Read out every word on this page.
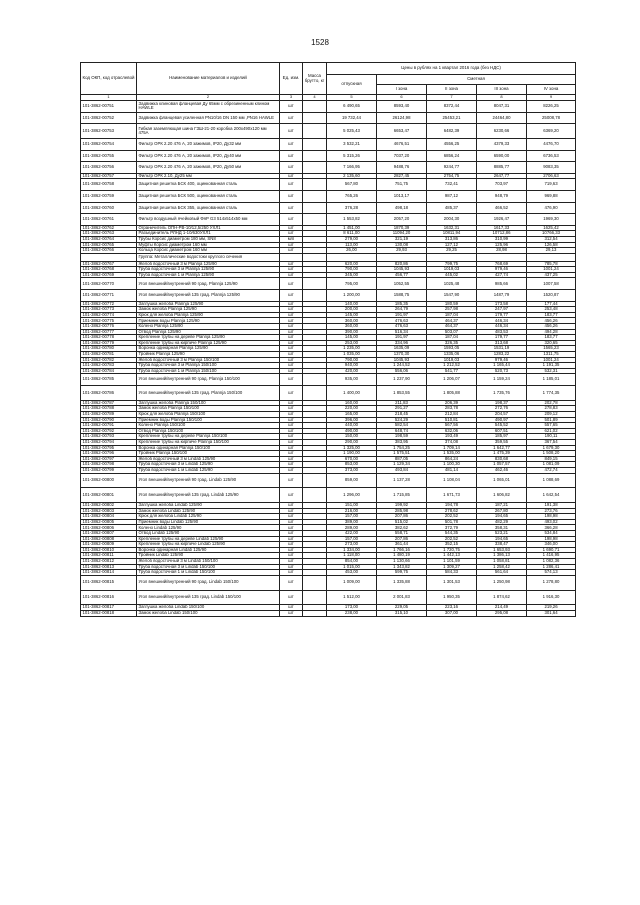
1528
Код ОКП, код отраслевой	Наименование материалов и изделий	Ед. изм.	Масса брутто, кг	Цены в рублях на 1 квартал 2016 года (без НДС)				
				отпускная	Сметная			
					I зона	II зона	III зона	IV зона
1	2	3	4	5	6	7	8	9
101-3862-00751	Задвижка клиновая фланцевая Ду 65мм с обрезиненным клином HAWLE	шт		6 490,65	8593,40	8372,44	8047,31	8226,25
101-3862-00752	Задвижка фланцевая усиленная PN10/16 DN 150 мм ,PN16 HAWLE	шт		19 732,44	26124,98	25453,21	24464,80	25008,78
101-3862-00753	Гибкая заземляющая шина ГЗШ-21-20 коробка 200х490х120 мм 475А	шт		5 025,43	6653,47	6482,39	6230,66	6369,20
101-3862-00754	Фильтр ОРК 2.20 476 А, 20 зажимов, IP20, Ду32 мм	шт		3 532,21	4676,51	4556,25	4379,33	4476,70
101-3862-00755	Фильтр ОРК 2.20 476 А, 20 зажимов, IP20, Ду40 мм	шт		5 315,26	7037,20	6856,24	6590,00	6736,53
101-3862-00756	Фильтр ОРК 2.20 476 А, 20 зажимов, IP20, Ду50 мм	шт		7 166,95	9488,76	9244,77	8885,77	9083,35
101-3862-00757	Фильтр ОРК 2.10, Ду25 мм	шт		2 135,60	2827,45	2754,75	2647,77	2706,63
101-3862-00758	Защитная решетка БСК 400, оцинкованная сталь	шт		567,80	751,75	732,41	703,97	719,63
101-3862-00759	Защитная решетка БСК 500, оцинкованная сталь	шт		765,26	1013,17	987,12	948,79	969,88
101-3862-00760	Защитная решетка БСК 355, оцинкованная сталь	шт		376,28	498,18	485,37	466,52	476,90
101-3862-00761	Фильтр воздушный ячейковый ФяР G3 514х514х50 мм	шт		1 553,82	2057,20	2004,30	1926,47	1969,30
101-3862-00762	Ограничитель ОПН-РВ-10/12,5/250 УХЛ1	шт		1 451,00	1870,39	1632,31	1617,33	1625,42
101-3862-00763	Разъединитель РЛНД 1-10/630УХЛ1	шт		8 611,00	11094,20	10811,94	10712,86	10766,33
101-3862-00764	Трубы Корсис диаметром 180 мм, SN8	м/п		279,00	321,19	313,86	310,99	312,54
101-3862-00765	Муфты Корсис диаметром 160 мм	шт		113,00	130,08	127,12	125,96	126,58
101-3862-00766	Кольца Корсис диаметром 160 мм	шт		26,00	29,93	29,25	28,98	29,13
	Группа: Металлические водостоки круглого сечения							
101-3862-00767	Желоб водосточный 3 м Plannja 125/90	шт		620,00	820,86	799,75	768,69	785,78
101-3862-00768	Труба водосточная 3 м Plannja 125/90	шт		790,00	1045,93	1019,03	979,46	1001,24
101-3862-00769	Труба водосточная 1 м Plannja 125/90	шт		345,00	456,77	445,02	427,74	437,25
101-3862-00770	Угол внешний/внутренний 90 град. Plannja 125/90	шт		795,00	1052,55	1025,48	985,66	1007,58
101-3862-00771	Угол внешний/внутренний 135 град. Plannja 125/90	шт		1 200,00	1588,75	1547,90	1487,79	1520,87
101-3862-00772	Заглушка желоба Plannja 125/90	шт		140,00	185,35	180,59	173,58	177,44
101-3862-00773	Замок желоба Plannja 125/90	шт		200,00	264,79	257,98	247,97	253,48
101-3862-00774	Крюк для желоба Plannja 125/90	шт		145,00	191,97	187,04	179,77	183,77
101-3862-00775	Приемник воды Plannja 125/90	шт		360,00	476,63	464,37	446,34	456,26
101-3862-00776	Колено Plannja 125/90	шт		360,00	476,63	464,37	446,34	456,26
101-3862-00777	Отвод Plannja 125/90	шт		390,00	516,34	503,07	483,53	494,28
101-3862-00778	Крепление трубы на дереве Plannja 125/90	шт		145,00	191,97	187,04	179,77	183,77
101-3862-00779	Крепление трубы на кирпиче Plannja 125/90	шт		253,00	334,96	326,35	313,68	320,65
101-3862-00780	Воронка одинарная Plannja 125/90	шт		1 235,00	1635,09	1593,05	1531,19	1565,23
101-3862-00781	Тройник Plannja 125/90	шт		1 035,00	1370,30	1335,06	1283,22	1311,75
101-3862-00782	Желоб водосточный 3 м Plannja 150/100	шт		790,00	1045,93	1019,03	979,46	1001,24
101-3862-00783	Труба водосточная 3 м Plannja 150/100	шт		940,00	1 244,52	1 212,52	1 165,44	1 191,35
101-3862-00784	Труба водосточная 1 м Plannja 150/100	шт		420,00	556,06	541,77	520,73	532,31
101-3862-00785	Угол внешний/внутренний 90 град. Plannja 150/100	шт		935,00	1 237,90	1 206,07	1 159,24	1 185,01
101-3862-00786	Угол внешний/внутренний 135 град. Plannja 150/100	шт		1 400,00	1 853,55	1 805,88	1 735,76	1 774,35
101-3862-00787	Заглушка желоба Plannja 150/100	шт		160,00	211,83	206,39	198,37	202,78
101-3862-00788	Замок желоба Plannja 150/100	шт		220,00	291,27	283,78	272,76	278,83
101-3862-00789	Крюк для желоба Plannja 150/100	шт		165,00	218,45	212,84	204,57	209,12
101-3862-00790	Приемник воды Plannja 150/100	шт		396,00	524,29	510,81	490,97	501,89
101-3862-00791	Колено Plannja 150/100	шт		440,00	582,54	567,56	545,52	557,65
101-3862-00792	Отвод Plannja 150/100	шт		490,00	648,74	632,06	607,51	621,02
101-3862-00793	Крепление трубы на дереве Plannja 150/100	шт		150,00	198,59	193,49	185,97	190,11
101-3862-00794	Крепление трубы на кирпиче Plannja 150/100	шт		290,00	383,95	374,08	359,55	367,54
101-3862-00795	Воронка одинарная Plannja 150/100	шт		1 325,00	1 754,25	1 709,14	1 642,77	1 679,30
101-3862-00796	Тройник Plannja 150/100	шт		1 190,00	1 575,51	1 535,00	1 475,39	1 508,20
101-3862-00797	Желоб водосточный 3 м Lindab 125/90	шт		670,00	887,05	864,24	830,68	849,15
101-3862-00798	Труба водосточная 3 м Lindab 125/90	шт		853,00	1 129,34	1 100,30	1 057,57	1 081,09
101-3862-00799	Труба водосточная 1 м Lindab 125/90	шт		373,00	493,84	481,14	462,46	472,74
101-3862-00800	Угол внешний/внутренний 90 град. Lindab 125/90	шт		859,00	1 137,28	1 108,04	1 065,01	1 088,69
101-3862-00801	Угол внешний/внутренний 135 град. Lindab 125/90	шт		1 296,00	1 715,85	1 671,73	1 606,82	1 642,54
101-3862-00802	Заглушка желоба Lindab 125/90	шт		151,00	199,92	194,78	187,21	191,38
101-3862-00803	Замок желоба Lindab 125/90	шт		216,00	285,98	278,62	267,80	273,76
101-3862-00804	Крюк для желоба Lindab 125/90	шт		157,00	207,86	202,52	194,65	198,98
101-3862-00805	Приемник воды Lindab 125/90	шт		389,00	515,02	501,78	482,29	493,02
101-3862-00806	Колено Lindab 125/90	шт		289,00	382,62	372,79	358,31	366,28
101-3862-00807	Отвод Lindab 125/90	шт		422,00	558,71	544,35	523,21	534,84
101-3862-00808	Крепление трубы на дереве Lindab 125/90	шт		157,00	207,86	202,52	194,65	198,98
101-3862-00809	Крепление трубы на кирпиче Lindab 125/90	шт		273,00	361,44	352,15	338,47	346,00
101-3862-00810	Воронка одинарная Lindab 125/90	шт		1 334,00	1 766,16	1 720,75	1 653,93	1 690,71
101-3862-00811	Тройник Lindab 125/90	шт		1 118,00	1 480,19	1 442,13	1 386,13	1 416,95
101-3862-00812	Желоб водосточный 3 м Lindab 150/100	шт		854,00	1 130,66	1 101,59	1 058,81	1 082,36
101-3862-00813	Труба водосточная 3 м Lindab 150/100	шт		1 015,00	1 343,82	1 309,27	1 258,42	1 286,41
101-3862-00814	Труба водосточная 1 м Lindab 150/100	шт		453,00	599,75	584,33	561,64	574,13
101-3862-00815	Угол внешний/внутренний 90 град. Lindab 150/100	шт		1 009,00	1 335,88	1 301,53	1 250,98	1 278,80
101-3862-00816	Угол внешний/внутренний 135 град. Lindab 150/100	шт		1 512,00	2 001,83	1 950,35	1 874,62	1 916,30
101-3862-00817	Заглушка желоба Lindab 150/100	шт		173,00	229,05	223,16	214,49	219,26
101-3862-00818	Замок желоба Lindab 150/100	шт		238,00	315,10	307,00	295,08	301,64
